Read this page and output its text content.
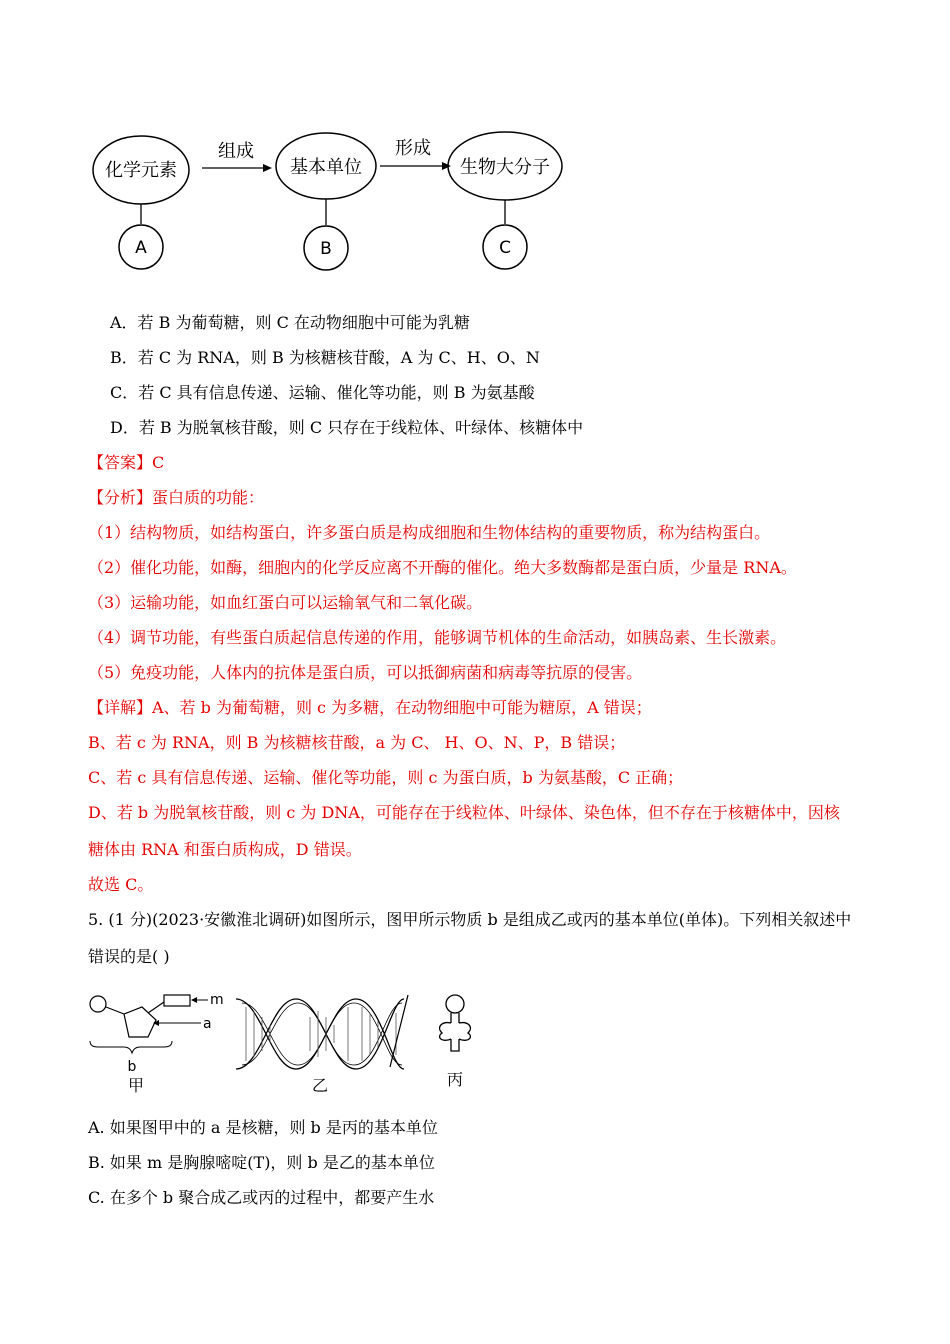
化学元素	基本单位	生物大分子
组成	形成
A	B	C
A．若 B 为葡萄糖，则 C 在动物细胞中可能为乳糖
B．若 C 为 RNA，则 B 为核糖核苷酸，A 为 C、H、O、N
C．若 C 具有信息传递、运输、催化等功能，则 B 为氨基酸
D．若 B 为脱氧核苷酸，则 C 只存在于线粒体、叶绿体、核糖体中
【答案】C
【分析】蛋白质的功能：
（1）结构物质，如结构蛋白，许多蛋白质是构成细胞和生物体结构的重要物质，称为结构蛋白。
（2）催化功能，如酶，细胞内的化学反应离不开酶的催化。绝大多数酶都是蛋白质，少量是 RNA。
（3）运输功能，如血红蛋白可以运输氧气和二氧化碳。
（4）调节功能，有些蛋白质起信息传递的作用，能够调节机体的生命活动，如胰岛素、生长激素。
（5）免疫功能，人体内的抗体是蛋白质，可以抵御病菌和病毒等抗原的侵害。
【详解】A、若 b 为葡萄糖，则 c 为多糖，在动物细胞中可能为糖原，A 错误；
B、若 c 为 RNA，则 B 为核糖核苷酸，a 为 C、 H、O、N、P，B 错误；
C、若 c 具有信息传递、运输、催化等功能，则 c 为蛋白质，b 为氨基酸，C 正确；
D、若 b 为脱氧核苷酸，则 c 为 DNA，可能存在于线粒体、叶绿体、染色体，但不存在于核糖体中，因核
糖体由 RNA 和蛋白质构成，D 错误。
故选 C。
5. (1 分)(2023·安徽淮北调研)如图所示，图甲所示物质 b 是组成乙或丙的基本单位(单体)。下列相关叙述中
错误的是( )
m
a
b
甲	乙	丙
A. 如果图甲中的 a 是核糖，则 b 是丙的基本单位
B. 如果 m 是胸腺嘧啶(T)，则 b 是乙的基本单位
C. 在多个 b 聚合成乙或丙的过程中，都要产生水
